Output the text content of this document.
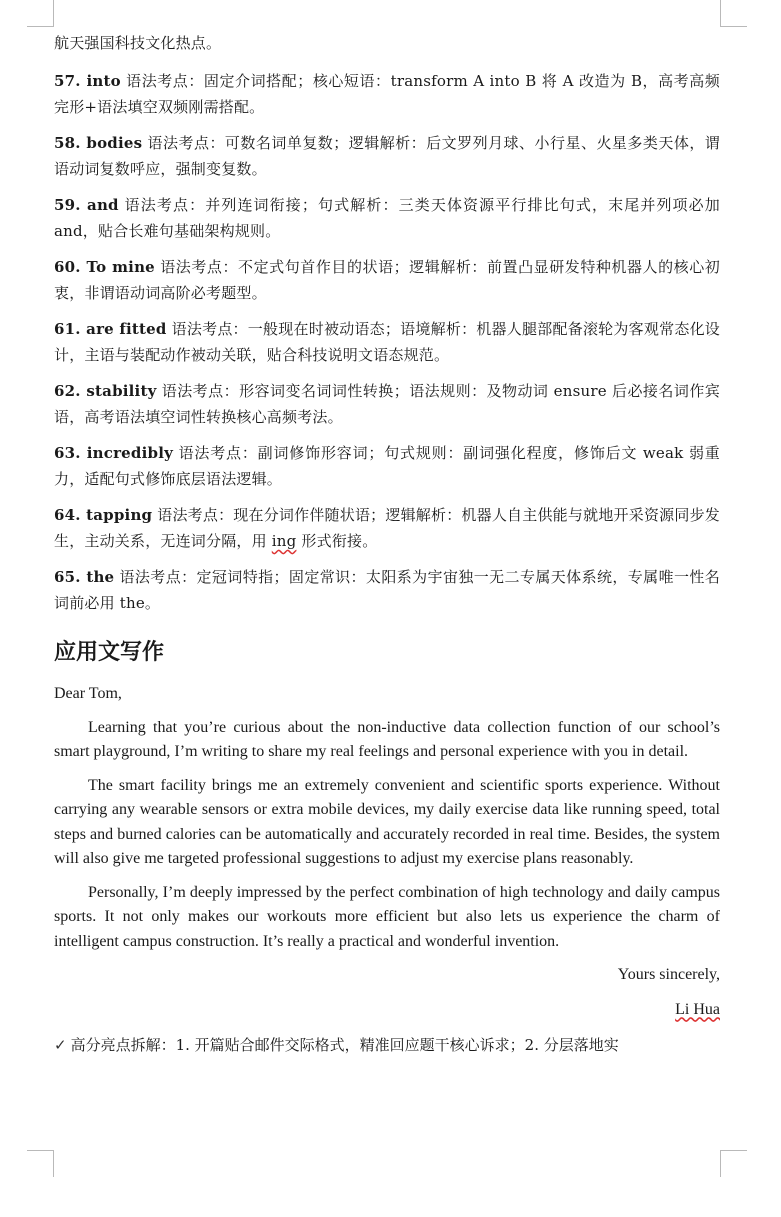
航天强国科技文化热点。

57. into 语法考点：固定介词搭配；核心短语：transform A into B 将 A 改造为 B，高考高频完形+语法填空双频刚需搭配。

58. bodies 语法考点：可数名词单复数；逻辑解析：后文罗列月球、小行星、火星多类天体，谓语动词复数呼应，强制变复数。

59. and 语法考点：并列连词衔接；句式解析：三类天体资源平行排比句式，末尾并列项必加 and，贴合长难句基础架构规则。

60. To mine 语法考点：不定式句首作目的状语；逻辑解析：前置凸显研发特种机器人的核心初衷，非谓语动词高阶必考题型。

61. are fitted 语法考点：一般现在时被动语态；语境解析：机器人腿部配备滚轮为客观常态化设计，主语与装配动作被动关联，贴合科技说明文语态规范。

62. stability 语法考点：形容词变名词词性转换；语法规则：及物动词 ensure 后必接名词作宾语，高考语法填空词性转换核心高频考法。

63. incredibly 语法考点：副词修饰形容词；句式规则：副词强化程度，修饰后文 weak 弱重力，适配句式修饰底层语法逻辑。

64. tapping 语法考点：现在分词作伴随状语；逻辑解析：机器人自主供能与就地开采资源同步发生，主动关系，无连词分隔，用 ing 形式衔接。

65. the 语法考点：定冠词特指；固定常识：太阳系为宇宙独一无二专属天体系统，专属唯一性名词前必用 the。

应用文写作

Dear Tom,

Learning that you’re curious about the non-inductive data collection function of our school’s smart playground, I’m writing to share my real feelings and personal experience with you in detail.

The smart facility brings me an extremely convenient and scientific sports experience. Without carrying any wearable sensors or extra mobile devices, my daily exercise data like running speed, total steps and burned calories can be automatically and accurately recorded in real time. Besides, the system will also give me targeted professional suggestions to adjust my exercise plans reasonably.

Personally, I’m deeply impressed by the perfect combination of high technology and daily campus sports. It not only makes our workouts more efficient but also lets us experience the charm of intelligent campus construction. It’s really a practical and wonderful invention.

Yours sincerely,

Li Hua

✓ 高分亮点拆解：1. 开篇贴合邮件交际格式，精准回应题干核心诉求；2. 分层落地实
